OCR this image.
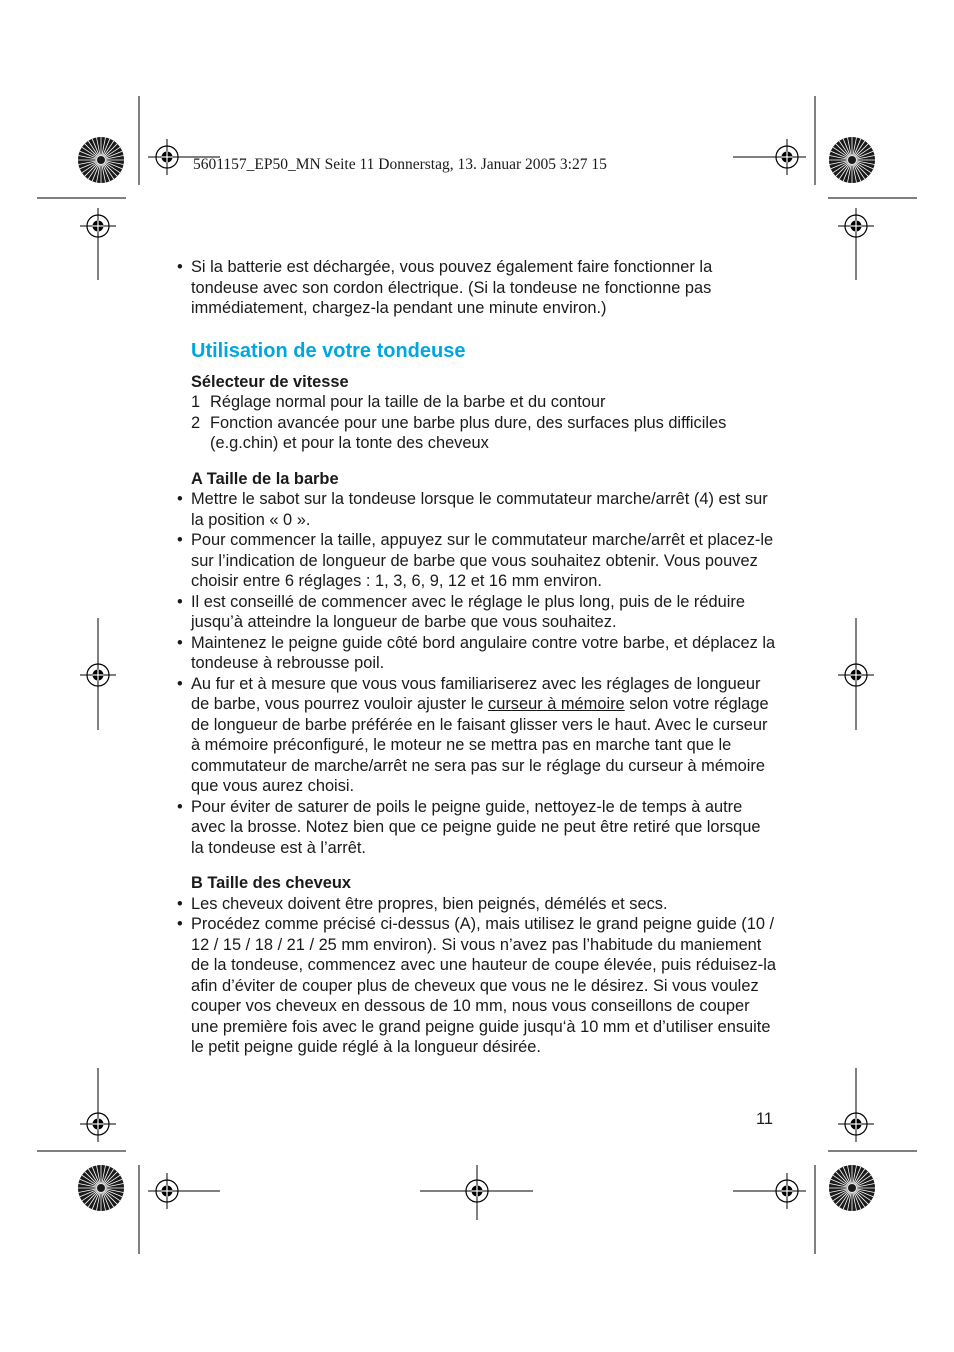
5601157_EP50_MN Seite 11 Donnerstag, 13. Januar 2005 3:27 15

• Si la batterie est déchargée, vous pouvez également faire fonctionner la tondeuse avec son cordon électrique. (Si la tondeuse ne fonctionne pas immédiatement, chargez-la pendant une minute environ.)

Utilisation de votre tondeuse

Sélecteur de vitesse

1 Réglage normal pour la taille de la barbe et du contour

2 Fonction avancée pour une barbe plus dure, des surfaces plus difficiles (e.g.chin) et pour la tonte des cheveux

A Taille de la barbe

• Mettre le sabot sur la tondeuse lorsque le commutateur marche/arrêt (4) est sur la position « 0 ».

• Pour commencer la taille, appuyez sur le commutateur marche/arrêt et placez-le sur l’indication de longueur de barbe que vous souhaitez obtenir. Vous pouvez choisir entre 6 réglages : 1, 3, 6, 9, 12 et 16 mm environ.

• Il est conseillé de commencer avec le réglage le plus long, puis de le réduire jusqu’à atteindre la longueur de barbe que vous souhaitez.

• Maintenez le peigne guide côté bord angulaire contre votre barbe, et déplacez la tondeuse à rebrousse poil.

• Au fur et à mesure que vous vous familiariserez avec les réglages de longueur de barbe, vous pourrez vouloir ajuster le curseur à mémoire selon votre réglage de longueur de barbe préférée en le faisant glisser vers le haut. Avec le curseur à mémoire préconfiguré, le moteur ne se mettra pas en marche tant que le commutateur de marche/arrêt ne sera pas sur le réglage du curseur à mémoire que vous aurez choisi.

• Pour éviter de saturer de poils le peigne guide, nettoyez-le de temps à autre avec la brosse. Notez bien que ce peigne guide ne peut être retiré que lorsque la tondeuse est à l’arrêt.

B Taille des cheveux

• Les cheveux doivent être propres, bien peignés, démélés et secs.

• Procédez comme précisé ci-dessus (A), mais utilisez le grand peigne guide (10 / 12 / 15 / 18 / 21 / 25 mm environ). Si vous n’avez pas l’habitude du maniement de la tondeuse, commencez avec une hauteur de coupe élevée, puis réduisez-la afin d’éviter de couper plus de cheveux que vous ne le désirez. Si vous voulez couper vos cheveux en dessous de 10 mm, nous vous conseillons de couper une première fois avec le grand peigne guide jusqu‘à 10 mm et d’utiliser ensuite le petit peigne guide réglé à la longueur désirée.

11
